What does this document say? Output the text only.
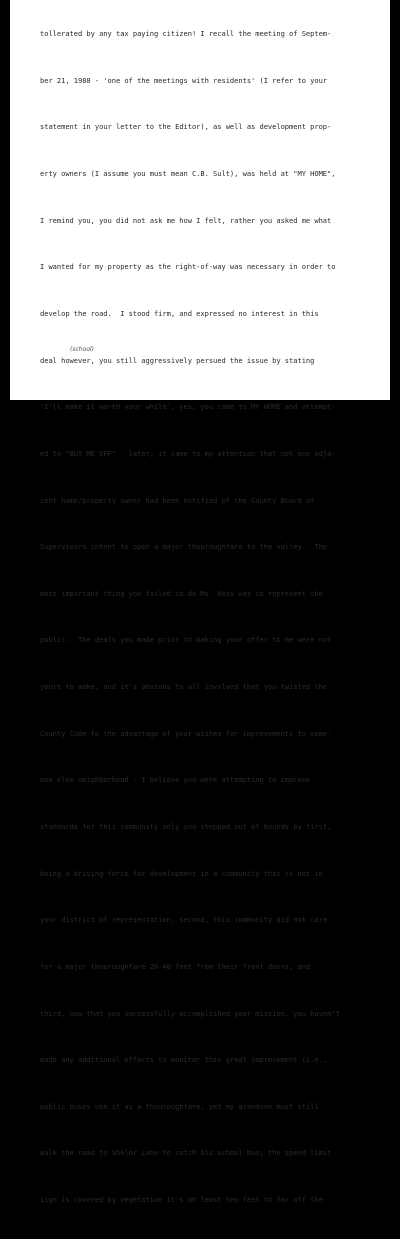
tollerated by any tax paying citizen! I recall the meeting of Septem-

ber 21, 1988 - 'one of the meetings with residents' (I refer to your

statement in your letter to the Editor), as well as development prop-

erty owners (I assume you must mean C.B. Sult), was held at "MY HOME",

I remind you, you did not ask me how I felt, rather you asked me what

I wanted for my property as the right-of-way was necessary in order to

develop the road.  I stood firm, and expressed no interest in this

deal however, you still aggressively persued the issue by stating

'I'll make it worth your while', yes, you came to MY HOME and attempt-

ed to "BUY ME OFF" - later, it came to my attention that not one adja-

cent home/property owner had been notified of the County Board of

Supervisors intent to open a major thouroughfare to the valley.  The

most important thing you failed to do Ms. Hess was to represent the

public.  The deals you made prior to making your offer to me were not

yours to make, and it's obvious to all involved that you twisted the

County Code to the advantage of your wishes for improvements to some-

one else neighborhood - I believe you were attempting to improve

standards for this community only you stepped out of bounds by first,

being a driving force for development in a community that is not in

your district of representation, second, this community did not care

for a major thouroughfare 20-40 feet from their front doors, and

third, now that you successfully accomplished your mission, you haven't

made any additional efforts to monitor this great improvement (i.e.,

public buses use it as a thouroughfare, yet my grandson must still

walk the road to Shelor Lane to catch his school bus; the speed limit

sign is covered by vegetation it's at least ten feet to far off the

(school)
